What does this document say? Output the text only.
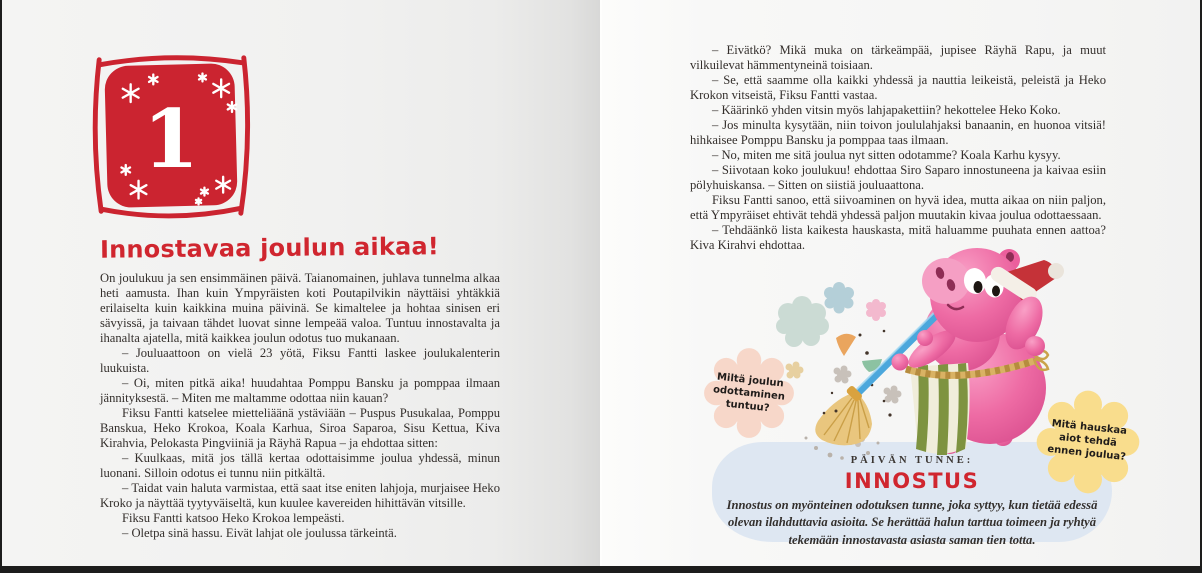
1
Innostavaa joulun aikaa!

On joulukuu ja sen ensimmäinen päivä. Taianomainen, juhlava tunnelma alkaa heti aamusta. Ihan kuin Ympyräisten koti Poutapilvikin näyttäisi yhtäkkiä erilaiselta kuin kaikkina muina päivinä. Se kimaltelee ja hohtaa sinisen eri sävyissä, ja taivaan tähdet luovat sinne lempeää valoa. Tuntuu innostavalta ja ihanalta ajatella, mitä kaikkea joulun odotus tuo mukanaan.

– Jouluaattoon on vielä 23 yötä, Fiksu Fantti laskee joulukalenterin luukuista.

– Oi, miten pitkä aika! huudahtaa Pomppu Bansku ja pomppaa ilmaan jännityksestä. – Miten me maltamme odottaa niin kauan?

Fiksu Fantti katselee mietteliäänä ystäviään – Puspus Pusukalaa, Pomppu Banskua, Heko Krokoa, Koala Karhua, Siroa Saparoa, Sisu Kettua, Kiva Kirahvia, Pelokasta Pingviiniä ja Räyhä Rapua – ja ehdottaa sitten:

– Kuulkaas, mitä jos tällä kertaa odottaisimme joulua yhdessä, minun luonani. Silloin odotus ei tunnu niin pitkältä.

– Taidat vain haluta varmistaa, että saat itse eniten lahjoja, murjaisee Heko Kroko ja näyttää tyytyväiseltä, kun kuulee kavereiden hihittävän vitsille.

Fiksu Fantti katsoo Heko Krokoa lempeästi.

– Oletpa sinä hassu. Eivät lahjat ole joulussa tärkeintä.

– Eivätkö? Mikä muka on tärkeämpää, jupisee Räyhä Rapu, ja muut vilkuilevat hämmentyneinä toisiaan.

– Se, että saamme olla kaikki yhdessä ja nauttia leikeistä, peleistä ja Heko Krokon vitseistä, Fiksu Fantti vastaa.

– Käärinkö yhden vitsin myös lahjapakettiin? hekottelee Heko Koko.

– Jos minulta kysytään, niin toivon joululahjaksi banaanin, en huonoa vitsiä! hihkaisee Pomppu Bansku ja pomppaa taas ilmaan.

– No, miten me sitä joulua nyt sitten odotamme? Koala Karhu kysyy.

– Siivotaan koko joulukuu! ehdottaa Siro Saparo innostuneena ja kaivaa esiin pölyhuiskansa. – Sitten on siistiä jouluaattona.

Fiksu Fantti sanoo, että siivoaminen on hyvä idea, mutta aikaa on niin paljon, että Ympyräiset ehtivät tehdä yhdessä paljon muutakin kivaa joulua odottaessaan.

– Tehdäänkö lista kaikesta hauskasta, mitä haluamme puuhata ennen aattoa? Kiva Kirahvi ehdottaa.

PÄIVÄN TUNNE:
INNOSTUS
Innostus on myönteinen odotuksen tunne, joka syttyy, kun tietää edessä olevan ilahduttavia asioita. Se herättää halun tarttua toimeen ja ryhtyä tekemään innostavasta asiasta saman tien totta.
Miltä joulun odottaminen tuntuu?
Mitä hauskaa aiot tehdä ennen joulua?
